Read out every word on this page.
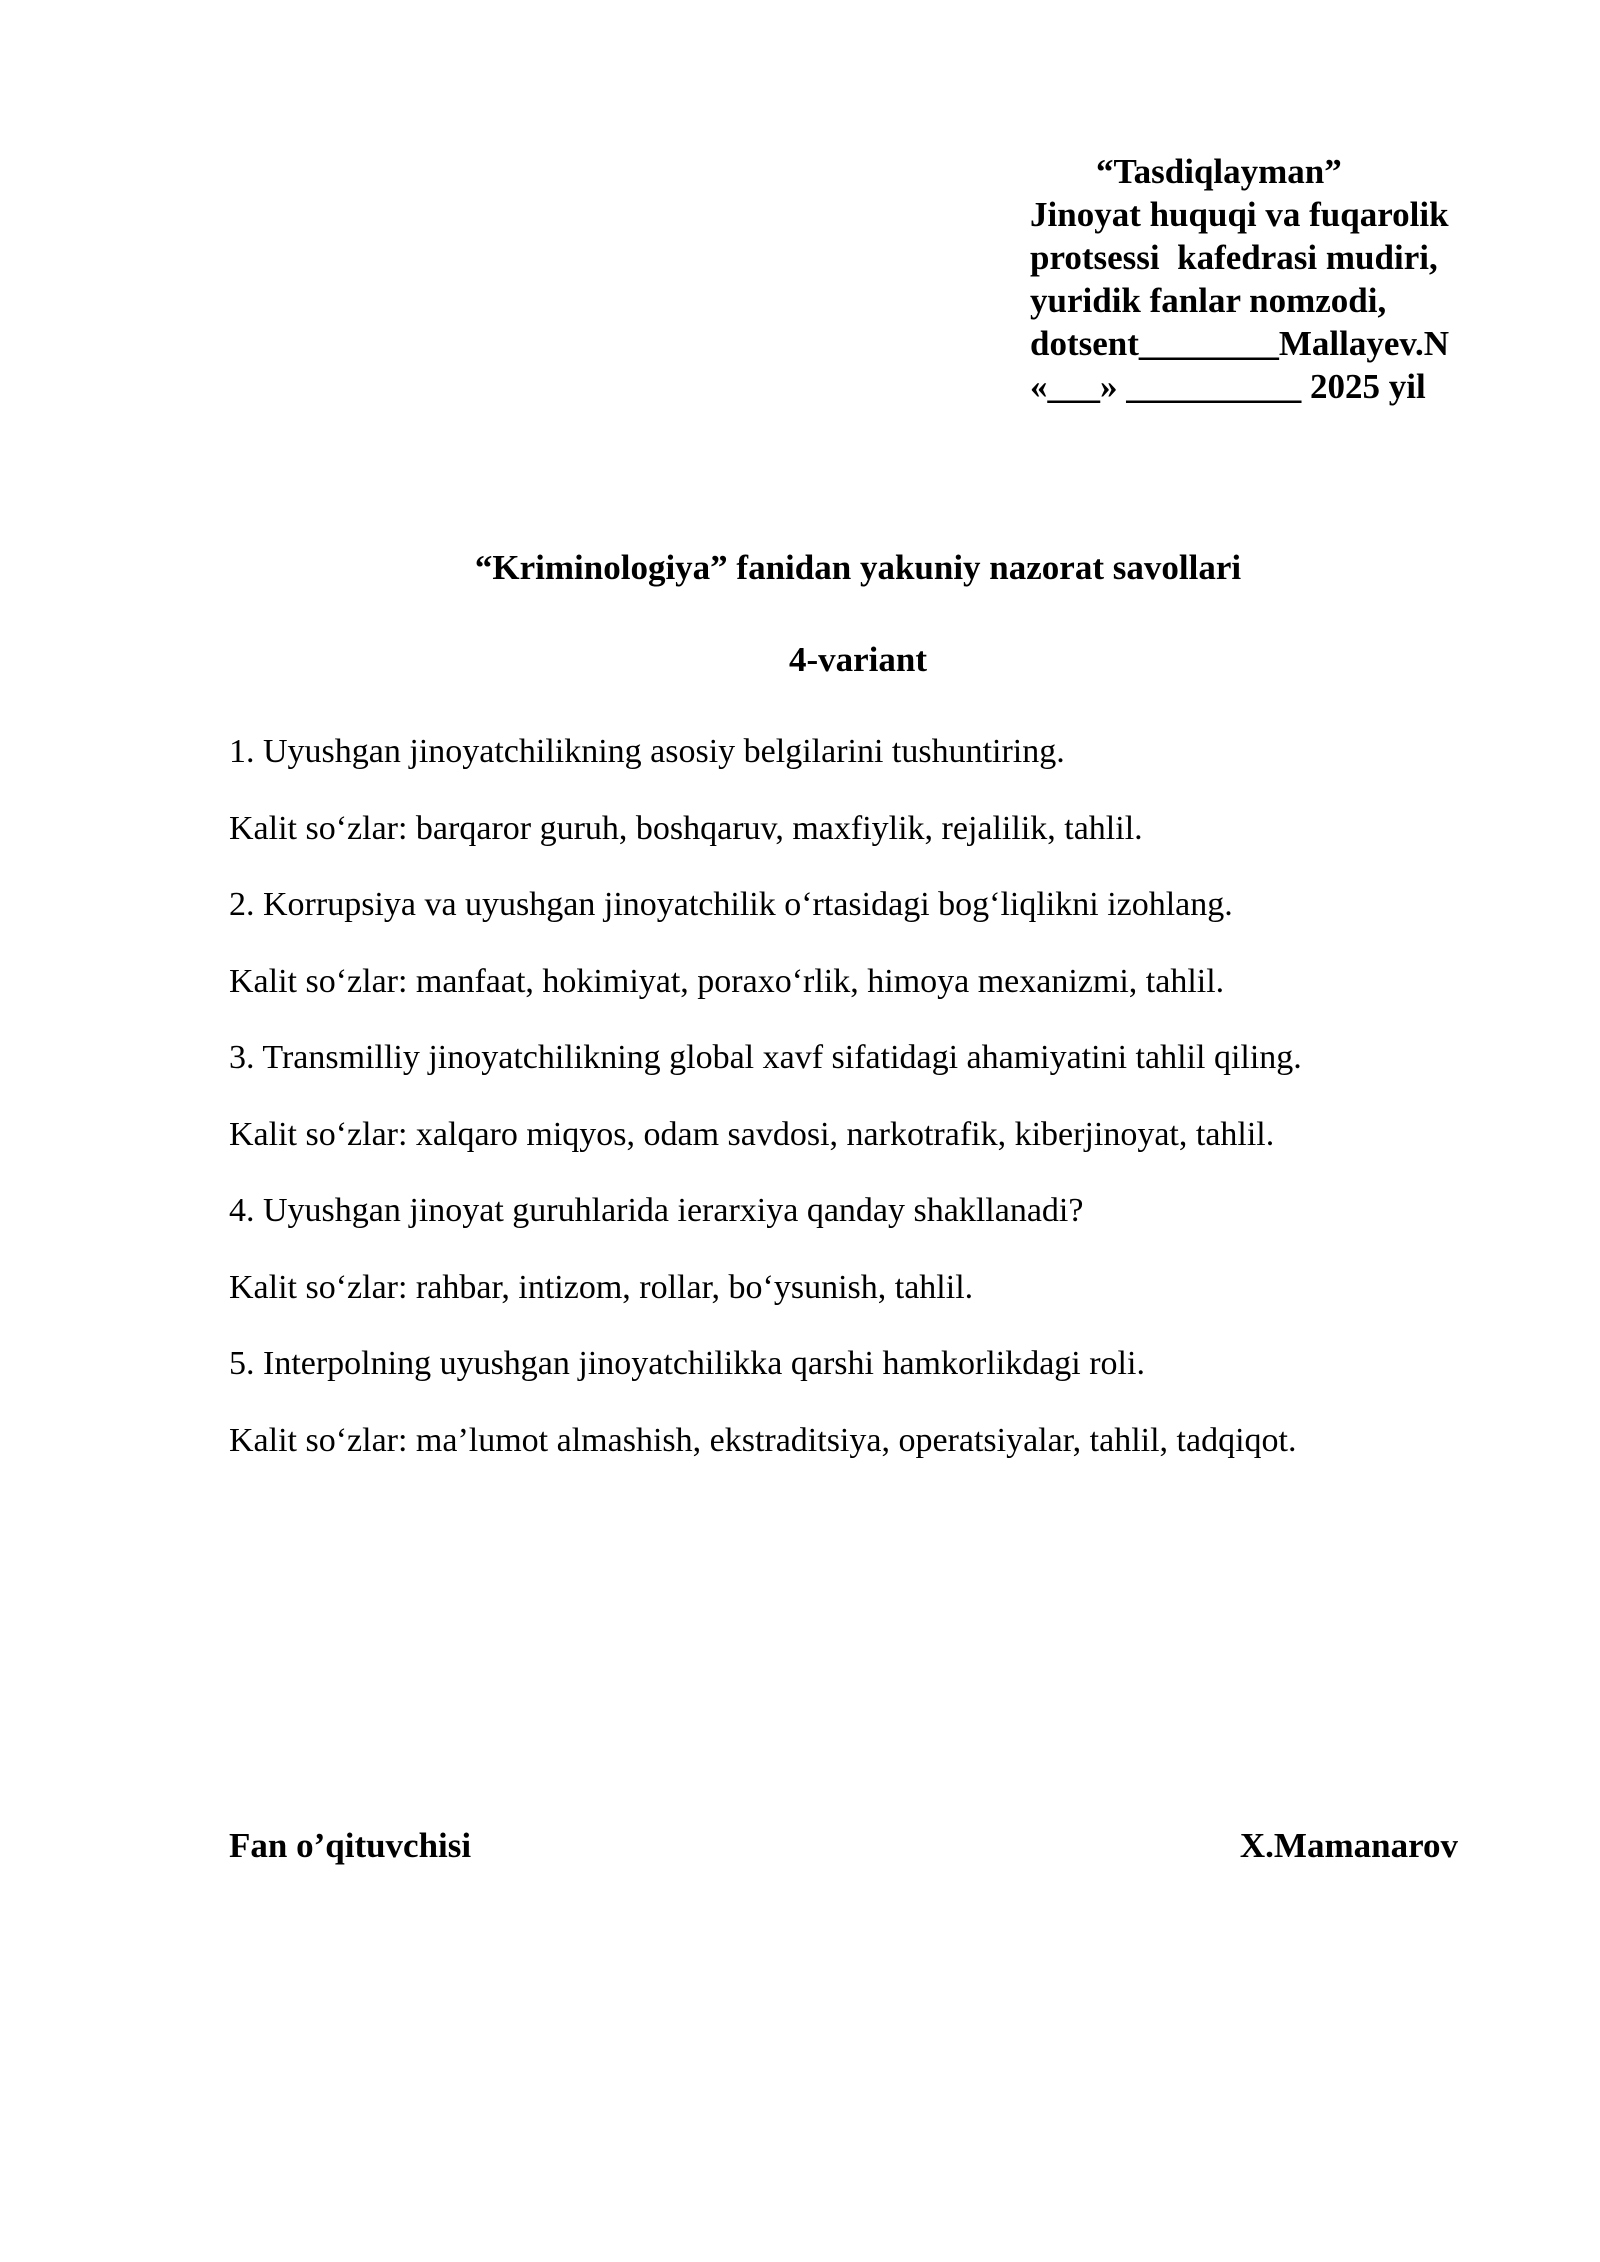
“Tasdiqlayman”
Jinoyat huquqi va fuqarolik
protsessi  kafedrasi mudiri,
yuridik fanlar nomzodi,
dotsent________Mallayev.N
«___» __________ 2025 yil
“Kriminologiya” fanidan yakuniy nazorat savollari
4-variant
1. Uyushgan jinoyatchilikning asosiy belgilarini tushuntiring.
Kalit so‘zlar: barqaror guruh, boshqaruv, maxfiylik, rejalilik, tahlil.
2. Korrupsiya va uyushgan jinoyatchilik o‘rtasidagi bog‘liqlikni izohlang.
Kalit so‘zlar: manfaat, hokimiyat, poraxo‘rlik, himoya mexanizmi, tahlil.
3. Transmilliy jinoyatchilikning global xavf sifatidagi ahamiyatini tahlil qiling.
Kalit so‘zlar: xalqaro miqyos, odam savdosi, narkotrafik, kiberjinoyat, tahlil.
4. Uyushgan jinoyat guruhlarida ierarxiya qanday shakllanadi?
Kalit so‘zlar: rahbar, intizom, rollar, bo‘ysunish, tahlil.
5. Interpolning uyushgan jinoyatchilikka qarshi hamkorlikdagi roli.
Kalit so‘zlar: ma’lumot almashish, ekstraditsiya, operatsiyalar, tahlil, tadqiqot.
Fan o’qituvchisi	X.Mamanarov
